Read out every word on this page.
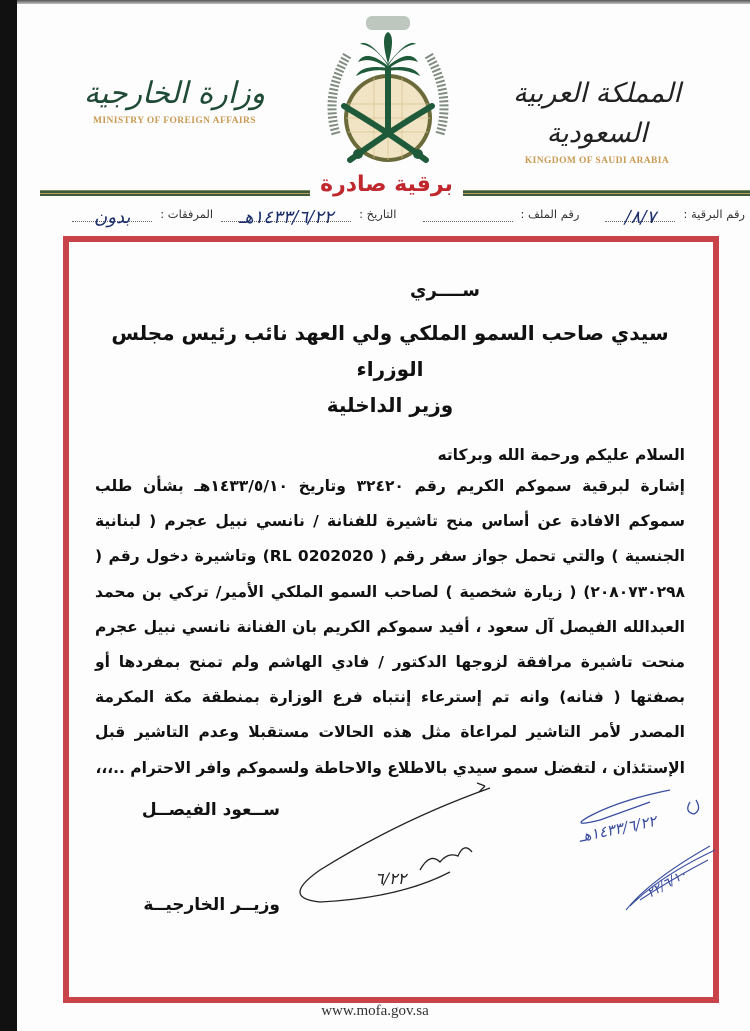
وزارة الخارجية
MINISTRY OF FOREIGN AFFAIRS
المملكة العربية السعودية
KINGDOM OF SAUDI ARABIA
برقية صادرة
رقم البرقية :
٨/٧/
رقم الملف :
التاريخ :
١٤٣٣/٦/٢٢هـ
المرفقات :
بدون
ســــري
سيدي صاحب السمو الملكي ولي العهد نائب رئيس مجلس الوزراء
وزير الداخلية
السلام عليكم ورحمة الله وبركاته
إشارة لبرقية سموكم الكريم رقم ٣٢٤٢٠ وتاريخ ١٤٣٣/٥/١٠هـ بشأن طلب سموكم الافادة عن أساس منح تاشيرة للفنانة / نانسي نبيل عجرم ( لبنانية الجنسية ) والتي تحمل جواز سفر رقم ( RL 0202020) وتاشيرة دخول رقم ( ٢٠٨٠٧٣٠٢٩٨) ( زيارة شخصية ) لصاحب السمو الملكي الأمير/ تركي بن محمد العبدالله الفيصل آل سعود ، أفيد سموكم الكريم بان الفنانة نانسي نبيل عجرم منحت تاشيرة مرافقة لزوجها الدكتور / فادي الهاشم ولم تمنح بمفردها أو بصفتها ( فنانه) وانه تم إسترعاء إنتباه فرع الوزارة بمنطقة مكة المكرمة المصدر لأمر التاشير لمراعاة مثل هذه الحالات مستقبلا وعدم التاشير قبل الإستئذان ، لتفضل سمو سيدي بالاطلاع والاحاطة ولسموكم وافر الاحترام ..،،،
ســعود الفيصــل
وزيــر الخارجيــة
٦/٢٢
١٤٣٣/٦/٢٢هـ
٢٢/٦/١٠
www.mofa.gov.sa
